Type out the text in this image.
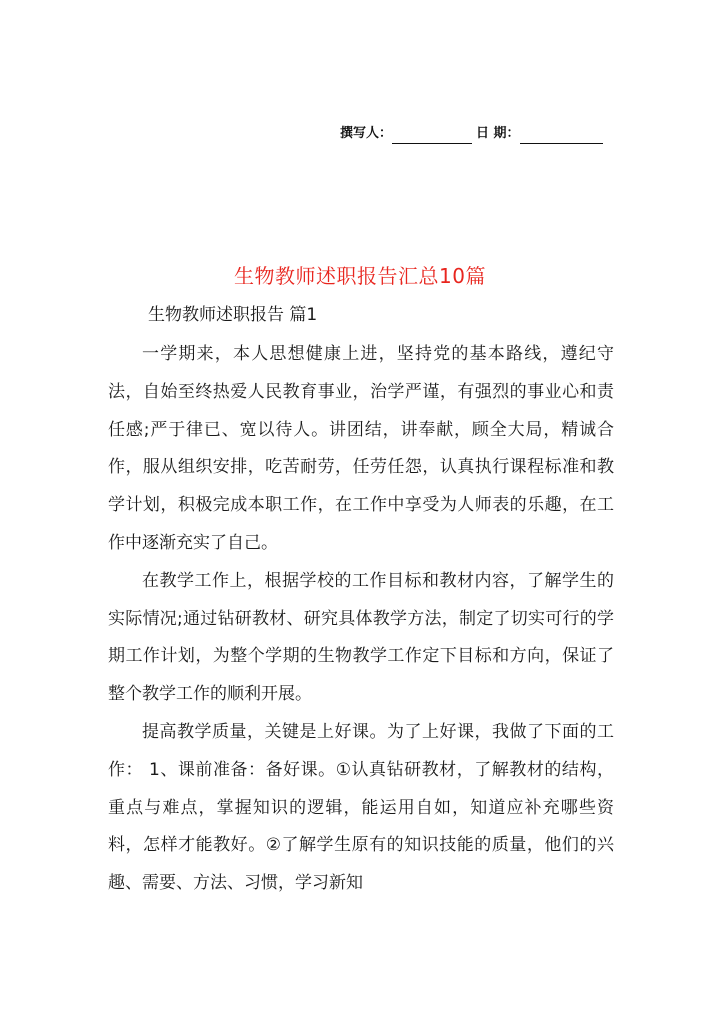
撰写人：	日 期：
生物教师述职报告汇总10篇
生物教师述职报告 篇1

一学期来，本人思想健康上进，坚持党的基本路线，遵纪守法，自始至终热爱人民教育事业，治学严谨，有强烈的事业心和责任感;严于律已、宽以待人。讲团结，讲奉献，顾全大局，精诚合作，服从组织安排，吃苦耐劳，任劳任怨，认真执行课程标准和教学计划，积极完成本职工作，在工作中享受为人师表的乐趣，在工作中逐渐充实了自己。

在教学工作上，根据学校的工作目标和教材内容，了解学生的实际情况;通过钻研教材、研究具体教学方法，制定了切实可行的学期工作计划，为整个学期的生物教学工作定下目标和方向，保证了整个教学工作的顺利开展。

提高教学质量，关键是上好课。为了上好课，我做了下面的工作： 1、课前准备：备好课。①认真钻研教材，了解教材的结构，重点与难点，掌握知识的逻辑，能运用自如，知道应补充哪些资料，怎样才能教好。②了解学生原有的知识技能的质量，他们的兴趣、需要、方法、习惯，学习新知
